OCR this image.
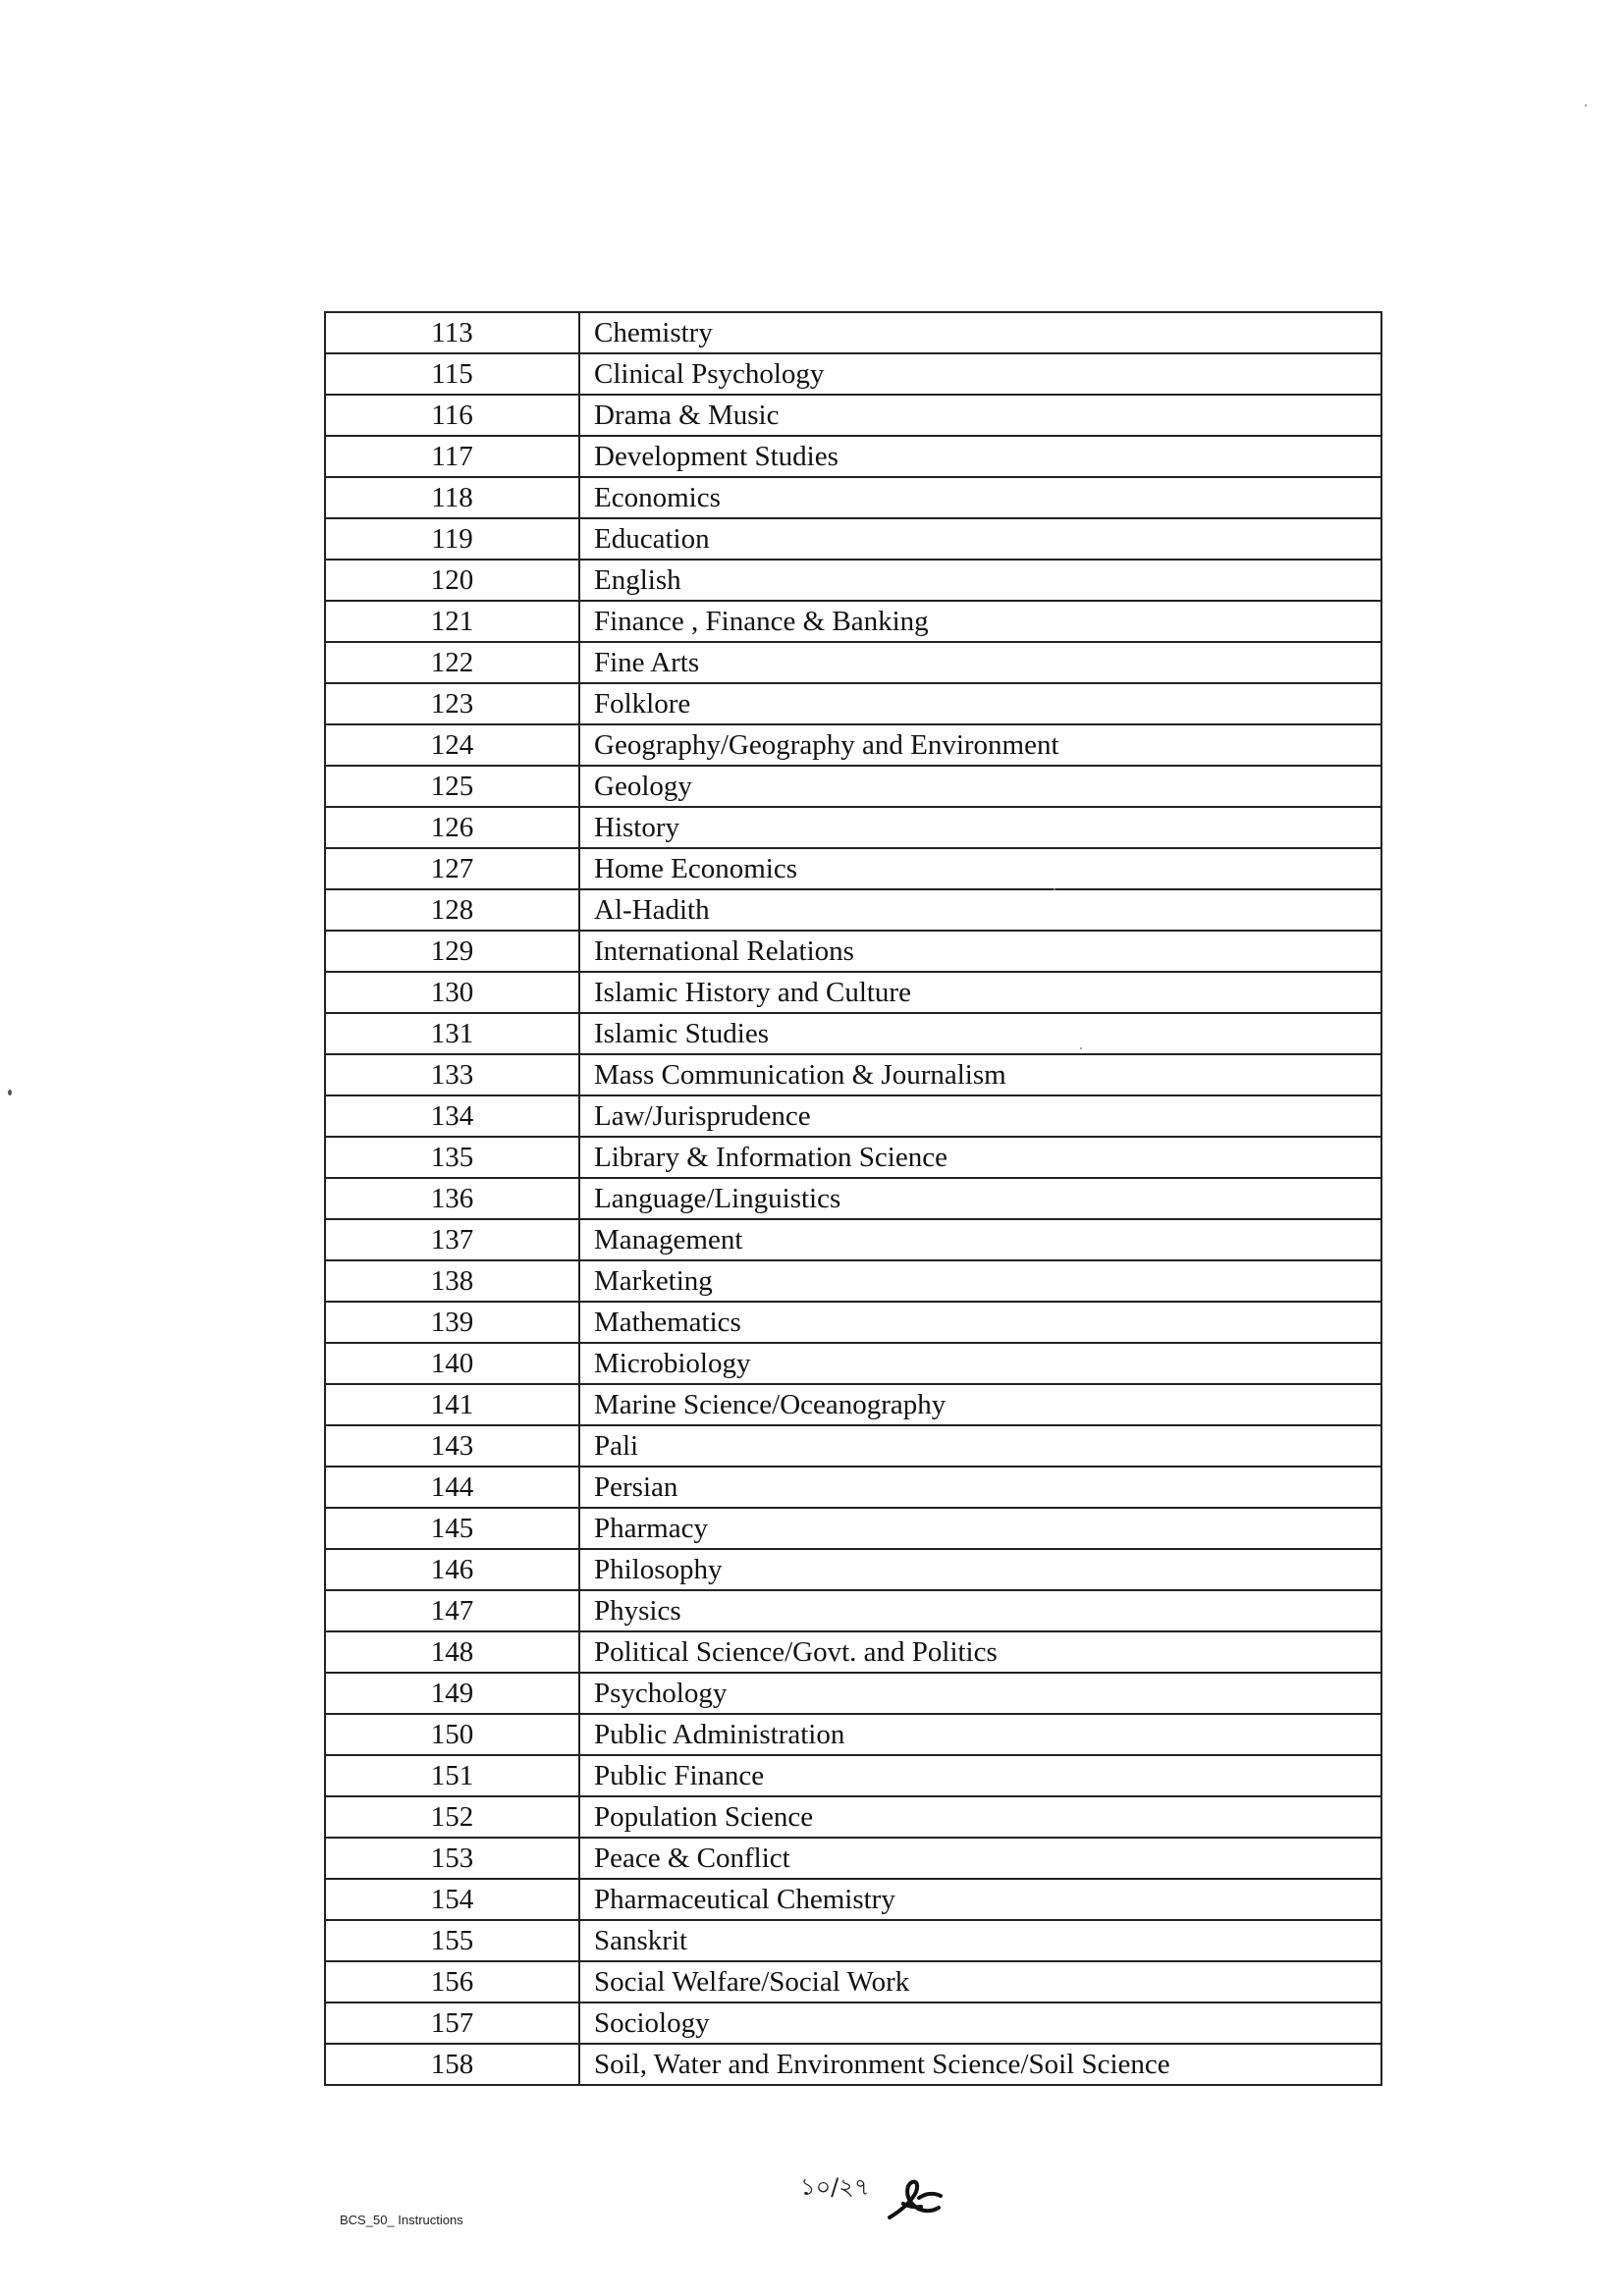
113	Chemistry
115	Clinical Psychology
116	Drama & Music
117	Development Studies
118	Economics
119	Education
120	English
121	Finance , Finance & Banking
122	Fine Arts
123	Folklore
124	Geography/Geography and Environment
125	Geology
126	History
127	Home Economics
128	Al-Hadith
129	International Relations
130	Islamic History and Culture
131	Islamic Studies
133	Mass Communication & Journalism
134	Law/Jurisprudence
135	Library & Information Science
136	Language/Linguistics
137	Management
138	Marketing
139	Mathematics
140	Microbiology
141	Marine Science/Oceanography
143	Pali
144	Persian
145	Pharmacy
146	Philosophy
147	Physics
148	Political Science/Govt. and Politics
149	Psychology
150	Public Administration
151	Public Finance
152	Population Science
153	Peace & Conflict
154	Pharmaceutical Chemistry
155	Sanskrit
156	Social Welfare/Social Work
157	Sociology
158	Soil, Water and Environment Science/Soil Science
BCS_50_ Instructions
১০/২৭
